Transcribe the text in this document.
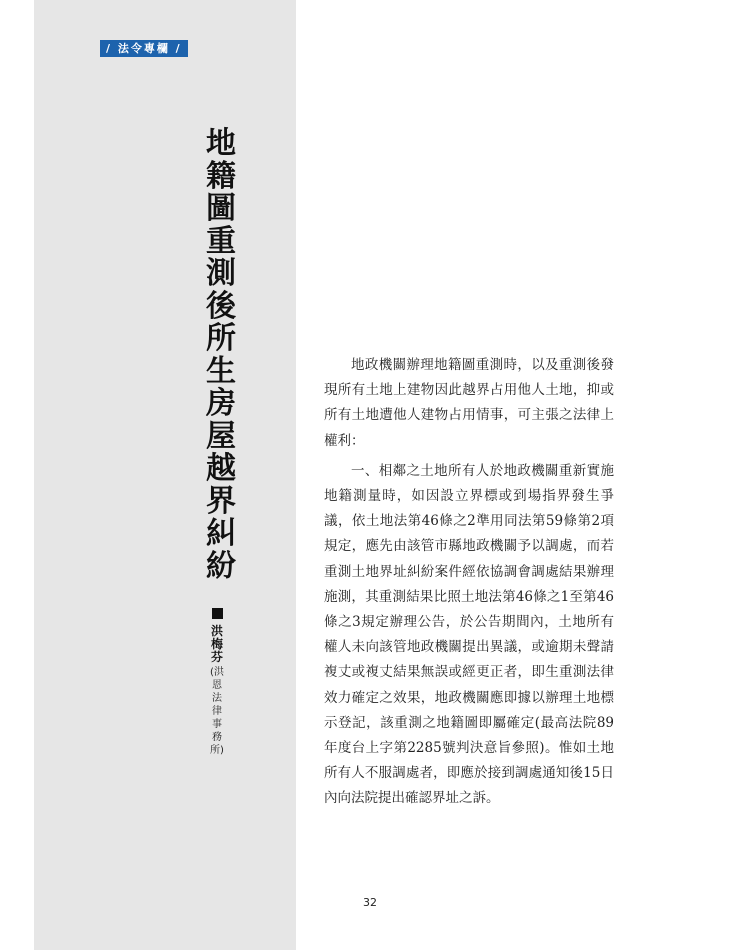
/ 法令專欄 /
地籍圖重測後所生房屋越界糾紛
洪梅芬
(洪恩法律事務所)

地政機關辦理地籍圖重測時，以及重測後發現所有土地上建物因此越界占用他人土地，抑或所有土地遭他人建物占用情事，可主張之法律上權利：

一、相鄰之土地所有人於地政機關重新實施地籍測量時，如因設立界標或到場指界發生爭議，依土地法第46條之2準用同法第59條第2項規定，應先由該管市縣地政機關予以調處，而若重測土地界址糾紛案件經依協調會調處結果辦理施測，其重測結果比照土地法第46條之1至第46條之3規定辦理公告，於公告期間內，土地所有權人未向該管地政機關提出異議，或逾期未聲請複丈或複丈結果無誤或經更正者，即生重測法律效力確定之效果，地政機關應即據以辦理土地標示登記，該重測之地籍圖即屬確定(最高法院89年度台上字第2285號判決意旨參照)。惟如土地所有人不服調處者，即應於接到調處通知後15日內向法院提出確認界址之訴。

32
